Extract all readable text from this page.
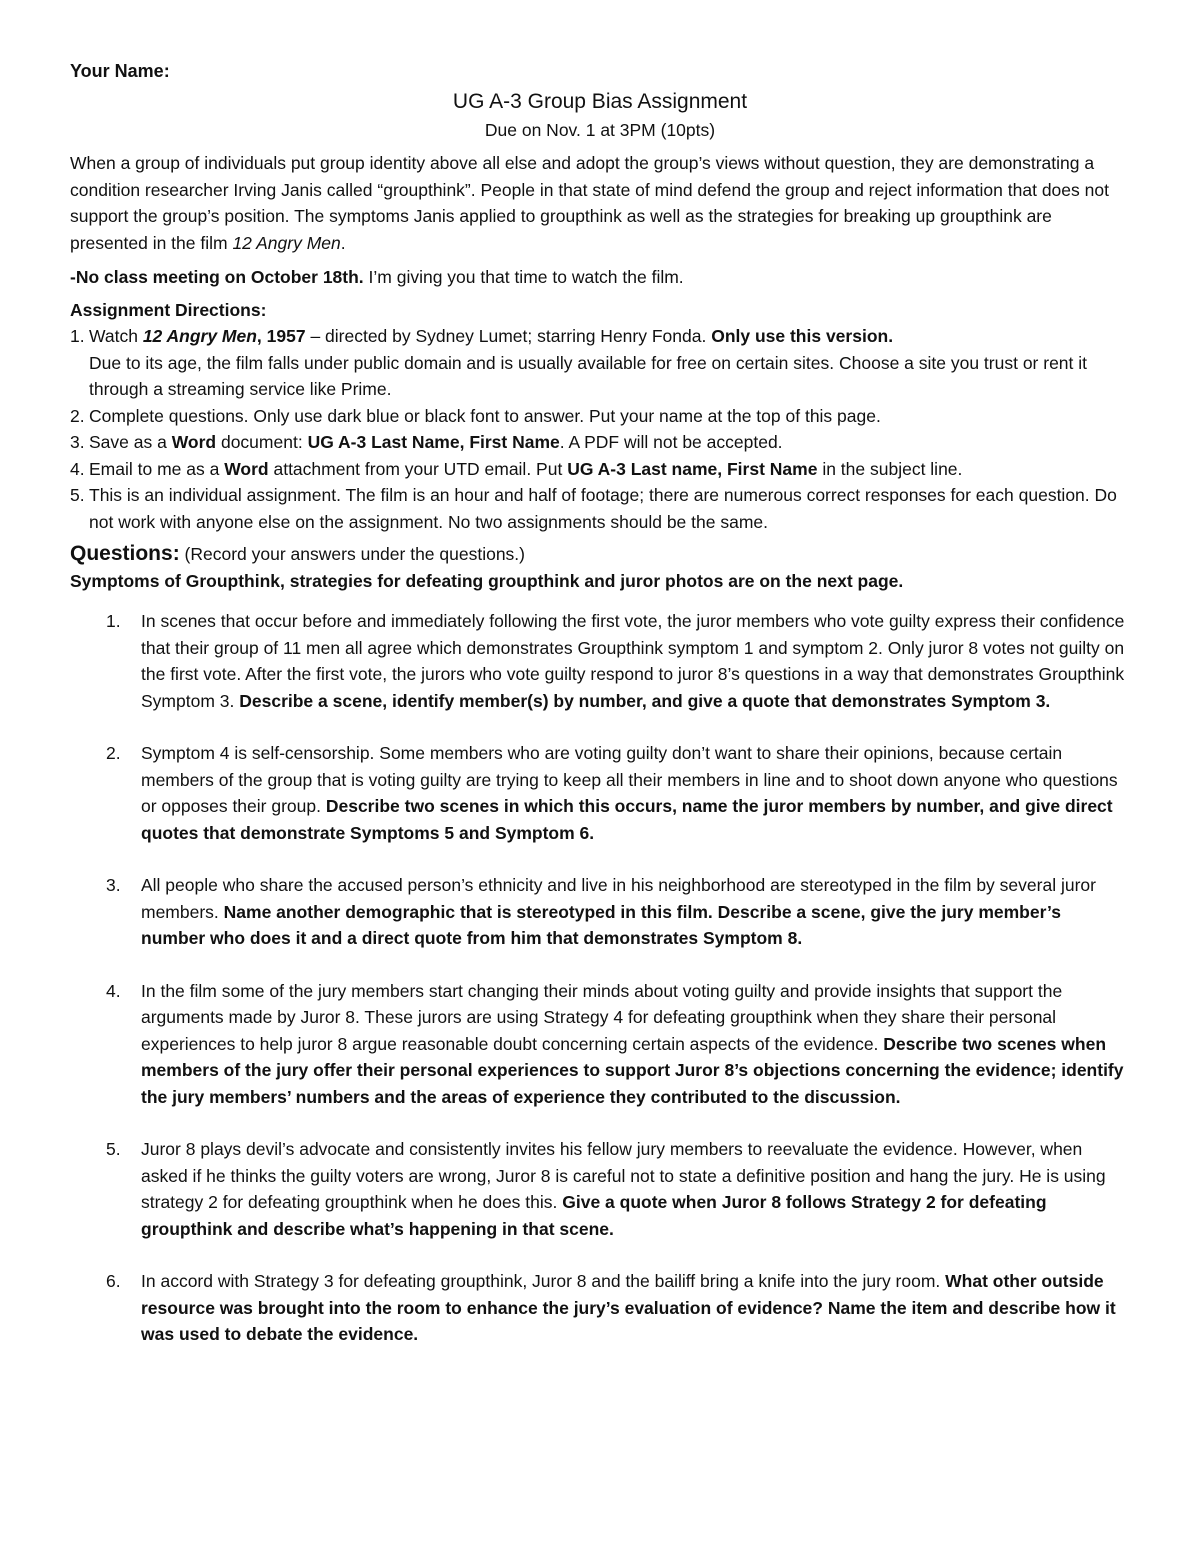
Your Name:
UG A-3 Group Bias Assignment
Due on Nov. 1 at 3PM (10pts)

When a group of individuals put group identity above all else and adopt the group’s views without question, they are demonstrating a condition researcher Irving Janis called “groupthink”. People in that state of mind defend the group and reject information that does not support the group’s position. The symptoms Janis applied to groupthink as well as the strategies for breaking up groupthink are presented in the film 12 Angry Men.

-No class meeting on October 18th. I’m giving you that time to watch the film.

Assignment Directions:
1. Watch 12 Angry Men, 1957 – directed by Sydney Lumet; starring Henry Fonda. Only use this version.
Due to its age, the film falls under public domain and is usually available for free on certain sites. Choose a site you trust or rent it through a streaming service like Prime.
2. Complete questions. Only use dark blue or black font to answer. Put your name at the top of this page.
3. Save as a Word document: UG A-3 Last Name, First Name. A PDF will not be accepted.
4. Email to me as a Word attachment from your UTD email. Put UG A-3 Last name, First Name in the subject line.
5. This is an individual assignment. The film is an hour and half of footage; there are numerous correct responses for each question. Do not work with anyone else on the assignment. No two assignments should be the same.
Questions: (Record your answers under the questions.)
Symptoms of Groupthink, strategies for defeating groupthink and juror photos are on the next page.
1. In scenes that occur before and immediately following the first vote, the juror members who vote guilty express their confidence that their group of 11 men all agree which demonstrates Groupthink symptom 1 and symptom 2. Only juror 8 votes not guilty on the first vote. After the first vote, the jurors who vote guilty respond to juror 8’s questions in a way that demonstrates Groupthink Symptom 3. Describe a scene, identify member(s) by number, and give a quote that demonstrates Symptom 3.
2. Symptom 4 is self-censorship. Some members who are voting guilty don’t want to share their opinions, because certain members of the group that is voting guilty are trying to keep all their members in line and to shoot down anyone who questions or opposes their group. Describe two scenes in which this occurs, name the juror members by number, and give direct quotes that demonstrate Symptoms 5 and Symptom 6.
3. All people who share the accused person’s ethnicity and live in his neighborhood are stereotyped in the film by several juror members. Name another demographic that is stereotyped in this film. Describe a scene, give the jury member’s number who does it and a direct quote from him that demonstrates Symptom 8.
4. In the film some of the jury members start changing their minds about voting guilty and provide insights that support the arguments made by Juror 8. These jurors are using Strategy 4 for defeating groupthink when they share their personal experiences to help juror 8 argue reasonable doubt concerning certain aspects of the evidence. Describe two scenes when members of the jury offer their personal experiences to support Juror 8’s objections concerning the evidence; identify the jury members’ numbers and the areas of experience they contributed to the discussion.
5. Juror 8 plays devil’s advocate and consistently invites his fellow jury members to reevaluate the evidence. However, when asked if he thinks the guilty voters are wrong, Juror 8 is careful not to state a definitive position and hang the jury. He is using strategy 2 for defeating groupthink when he does this. Give a quote when Juror 8 follows Strategy 2 for defeating groupthink and describe what’s happening in that scene.
6. In accord with Strategy 3 for defeating groupthink, Juror 8 and the bailiff bring a knife into the jury room. What other outside resource was brought into the room to enhance the jury’s evaluation of evidence? Name the item and describe how it was used to debate the evidence.
